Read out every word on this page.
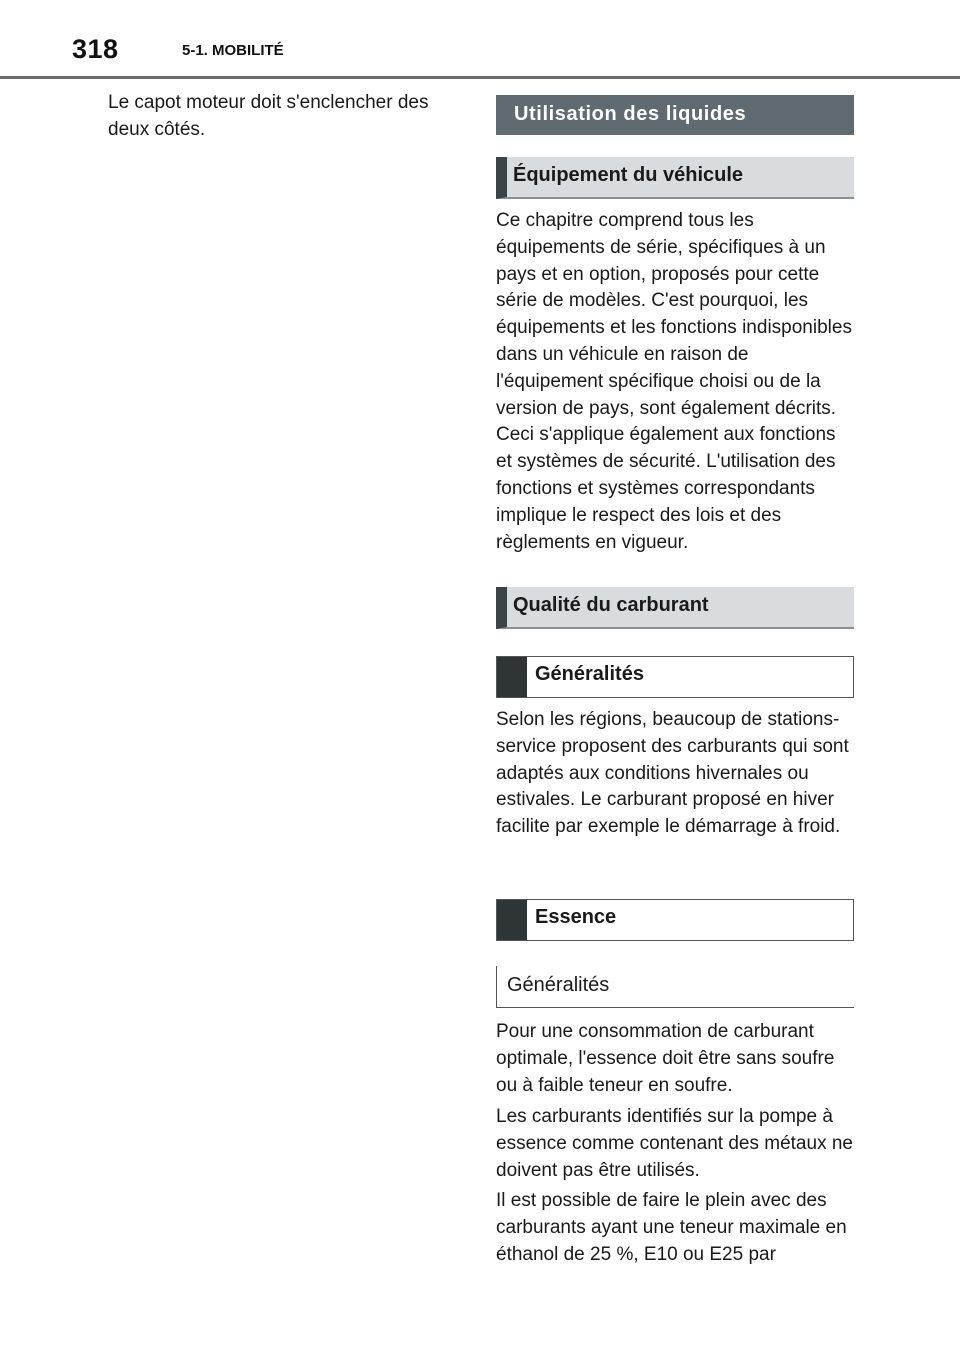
318	5-1. MOBILITÉ

Le capot moteur doit s'enclencher des deux côtés.

Utilisation des liquides
Équipement du véhicule

Ce chapitre comprend tous les équipements de série, spécifiques à un pays et en option, proposés pour cette série de modèles. C'est pourquoi, les équipements et les fonctions indisponibles dans un véhicule en raison de l'équipement spécifique choisi ou de la version de pays, sont également décrits. Ceci s'applique également aux fonctions et systèmes de sécurité. L'utilisation des fonctions et systèmes correspondants implique le respect des lois et des règlements en vigueur.

Qualité du carburant
Généralités

Selon les régions, beaucoup de stations-service proposent des carburants qui sont adaptés aux conditions hivernales ou estivales. Le carburant proposé en hiver facilite par exemple le démarrage à froid.

Essence
Généralités

Pour une consommation de carburant optimale, l'essence doit être sans soufre ou à faible teneur en soufre.

Les carburants identifiés sur la pompe à essence comme contenant des métaux ne doivent pas être utilisés.

Il est possible de faire le plein avec des carburants ayant une teneur maximale en éthanol de 25 %, E10 ou E25 par
